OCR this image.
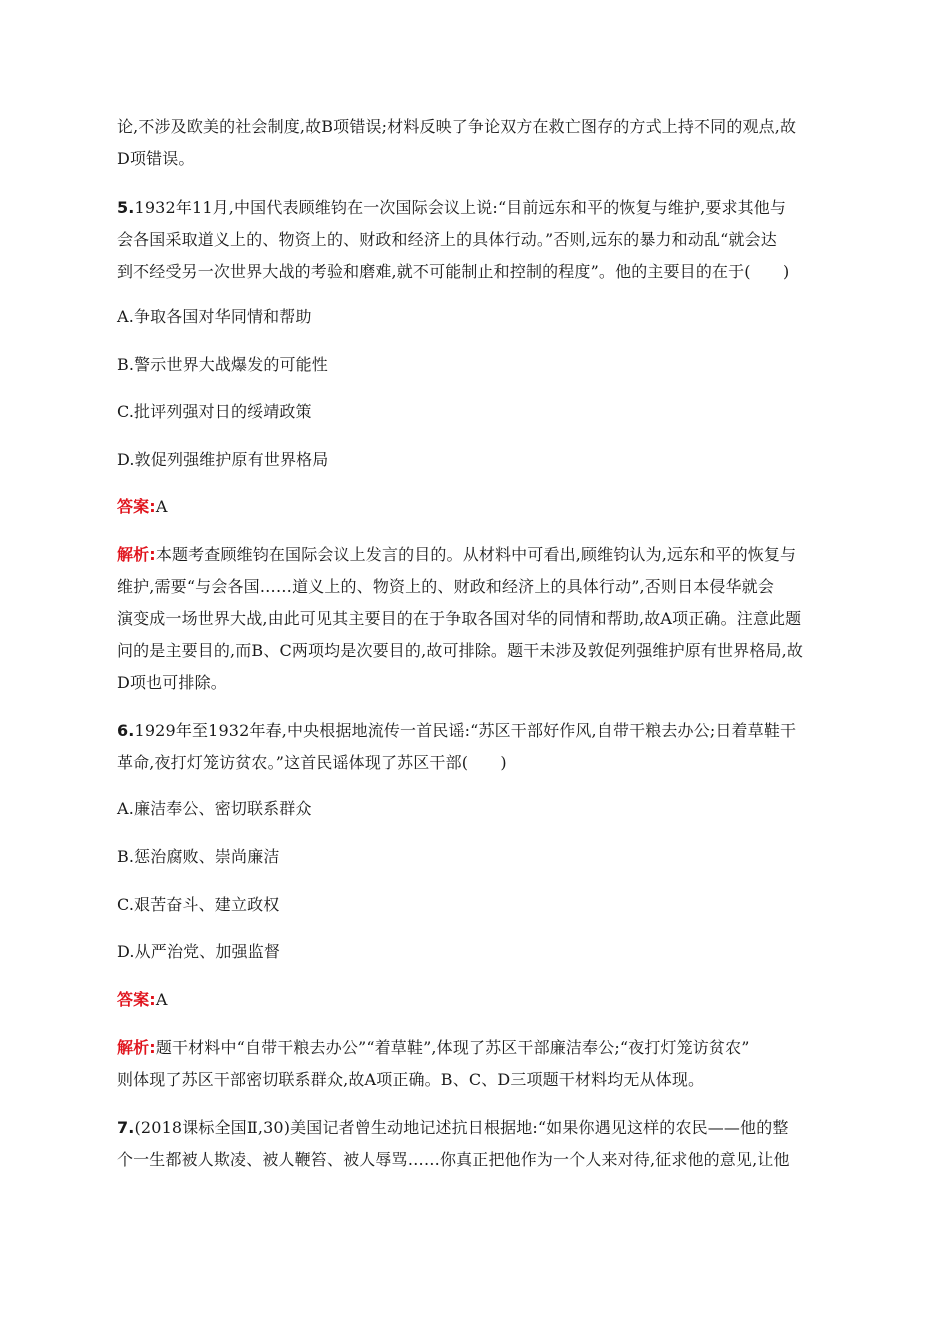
论,不涉及欧美的社会制度,故B项错误;材料反映了争论双方在救亡图存的方式上持不同的观点,故
D项错误。
5.1932年11月,中国代表顾维钧在一次国际会议上说:“目前远东和平的恢复与维护,要求其他与
会各国采取道义上的、物资上的、财政和经济上的具体行动。”否则,远东的暴力和动乱“就会达
到不经受另一次世界大战的考验和磨难,就不可能制止和控制的程度”。他的主要目的在于(　　)
A.争取各国对华同情和帮助
B.警示世界大战爆发的可能性
C.批评列强对日的绥靖政策
D.敦促列强维护原有世界格局
答案:A
解析:本题考查顾维钧在国际会议上发言的目的。从材料中可看出,顾维钧认为,远东和平的恢复与
维护,需要“与会各国……道义上的、物资上的、财政和经济上的具体行动”,否则日本侵华就会
演变成一场世界大战,由此可见其主要目的在于争取各国对华的同情和帮助,故A项正确。注意此题
问的是主要目的,而B、C两项均是次要目的,故可排除。题干未涉及敦促列强维护原有世界格局,故
D项也可排除。
6.1929年至1932年春,中央根据地流传一首民谣:“苏区干部好作风,自带干粮去办公;日着草鞋干
革命,夜打灯笼访贫农。”这首民谣体现了苏区干部(　　)
A.廉洁奉公、密切联系群众
B.惩治腐败、崇尚廉洁
C.艰苦奋斗、建立政权
D.从严治党、加强监督
答案:A
解析:题干材料中“自带干粮去办公”“着草鞋”,体现了苏区干部廉洁奉公;“夜打灯笼访贫农”
则体现了苏区干部密切联系群众,故A项正确。B、C、D三项题干材料均无从体现。
7.(2018课标全国Ⅱ,30)美国记者曾生动地记述抗日根据地:“如果你遇见这样的农民——他的整
个一生都被人欺凌、被人鞭笞、被人辱骂……你真正把他作为一个人来对待,征求他的意见,让他
